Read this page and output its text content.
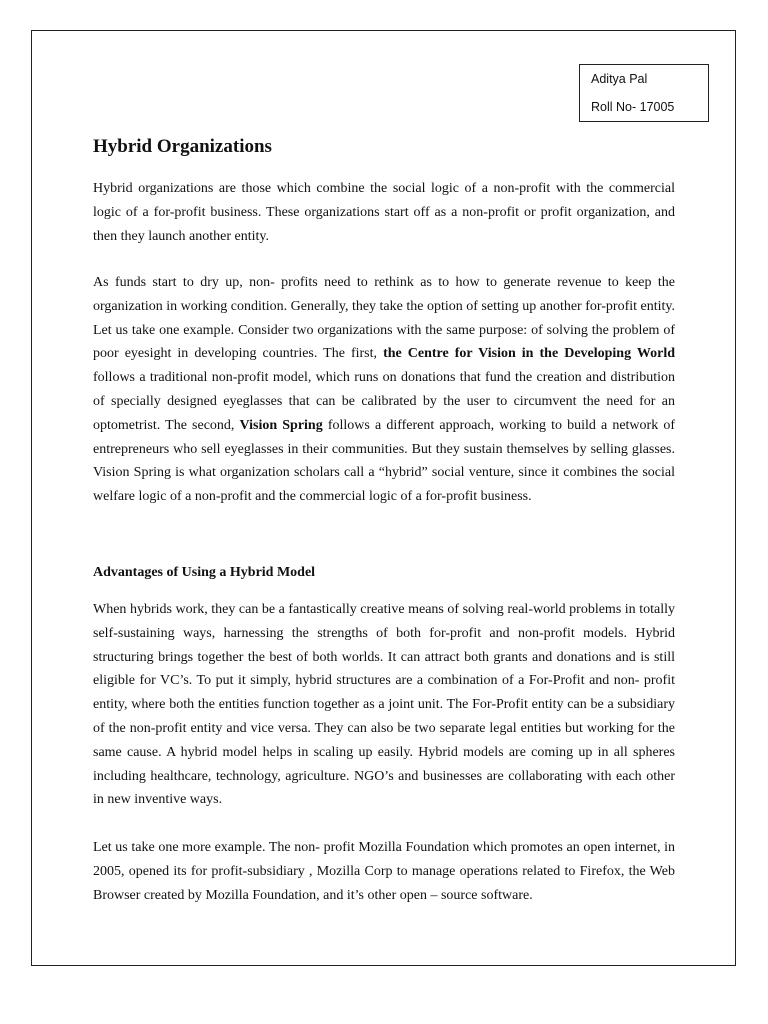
Aditya Pal
Roll No- 17005
Hybrid Organizations

Hybrid organizations are those which combine the social logic of a non-profit with the commercial logic of a for-profit business. These organizations start off as a non-profit or profit organization, and then they launch another entity.

As funds start to dry up, non- profits need to rethink as to how to generate revenue to keep the organization in working condition. Generally, they take the option of setting up another for-profit entity. Let us take one example. Consider two organizations with the same purpose: of solving the problem of poor eyesight in developing countries. The first, the Centre for Vision in the Developing World follows a traditional non-profit model, which runs on donations that fund the creation and distribution of specially designed eyeglasses that can be calibrated by the user to circumvent the need for an optometrist. The second, Vision Spring follows a different approach, working to build a network of entrepreneurs who sell eyeglasses in their communities. But they sustain themselves by selling glasses. Vision Spring is what organization scholars call a “hybrid” social venture, since it combines the social welfare logic of a non-profit and the commercial logic of a for-profit business.

Advantages of Using a Hybrid Model

When hybrids work, they can be a fantastically creative means of solving real-world problems in totally self-sustaining ways, harnessing the strengths of both for-profit and non-profit models. Hybrid structuring brings together the best of both worlds. It can attract both grants and donations and is still eligible for VC’s. To put it simply, hybrid structures are a combination of a For-Profit and non- profit entity, where both the entities function together as a joint unit. The For-Profit entity can be a subsidiary of the non-profit entity and vice versa. They can also be two separate legal entities but working for the same cause. A hybrid model helps in scaling up easily. Hybrid models are coming up in all spheres including healthcare, technology, agriculture. NGO’s and businesses are collaborating with each other in new inventive ways.

Let us take one more example. The non- profit Mozilla Foundation which promotes an open internet, in 2005, opened its for profit-subsidiary , Mozilla Corp to manage operations related to Firefox, the Web Browser created by Mozilla Foundation, and it’s other open – source software.
